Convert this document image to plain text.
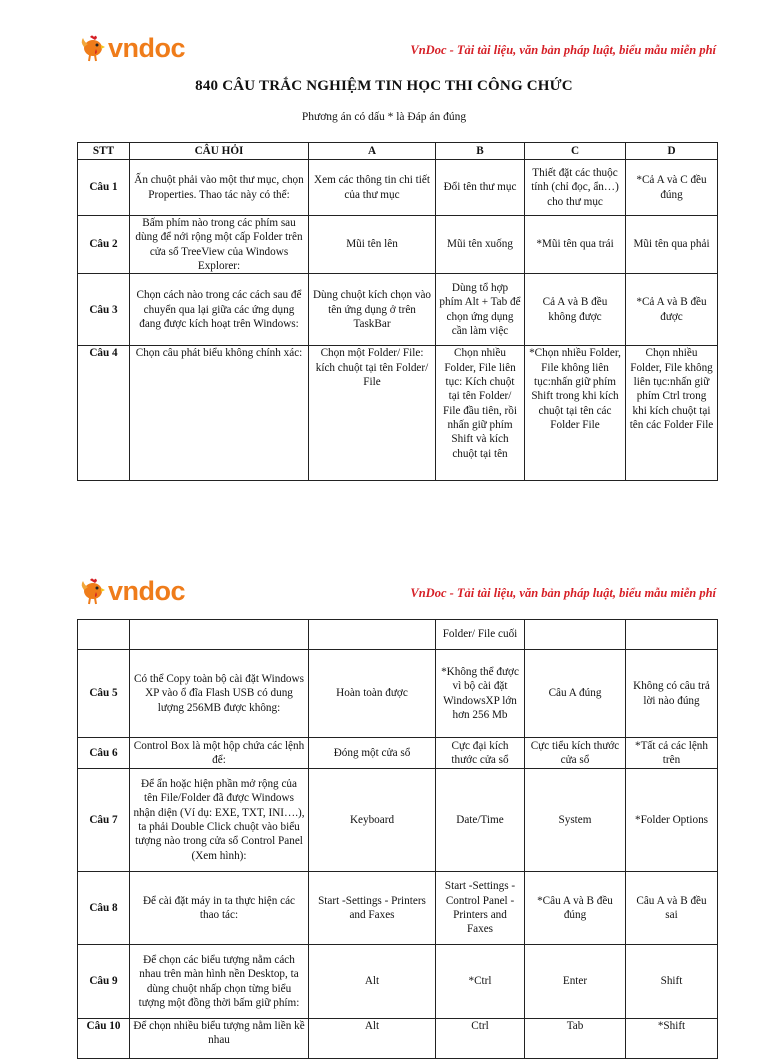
vndoc	VnDoc - Tải tài liệu, văn bản pháp luật, biểu mẫu miễn phí
840 CÂU TRẮC NGHIỆM TIN HỌC THI CÔNG CHỨC
Phương án có dấu * là Đáp án đúng
STT	CÂU HỎI	A	B	C	D
Câu 1	Ấn chuột phải vào một thư mục, chọn Properties. Thao tác này có thể:	Xem các thông tin chi tiết của thư mục	Đổi tên thư mục	Thiết đặt các thuộc tính (chỉ đọc, ẩn…) cho thư mục	*Cả A và C đều đúng
Câu 2	Bấm phím nào trong các phím sau dùng để nới rộng một cấp Folder trên cửa sổ TreeView của Windows Explorer:	Mũi tên lên	Mũi tên xuống	*Mũi tên qua trái	Mũi tên qua phải
Câu 3	Chọn cách nào trong các cách sau để chuyển qua lại giữa các ứng dụng đang được kích hoạt trên Windows:	Dùng chuột kích chọn vào tên ứng dụng ở trên TaskBar	Dùng tổ hợp phím Alt + Tab để chọn ứng dụng cần làm việc	Cả A và B đều không được	*Cả A và B đều được
Câu 4	Chọn câu phát biểu không chính xác:	Chọn một Folder/ File: kích chuột tại tên Folder/ File	Chọn nhiều Folder, File liên tục: Kích chuột tại tên Folder/ File đầu tiên, rồi nhấn giữ phím Shift và kích chuột tại tên	*Chọn nhiều Folder, File không liên tục:nhấn giữ phím Shift trong khi kích chuột tại tên các Folder File	Chọn nhiều Folder, File không liên tục:nhấn giữ phím Ctrl trong khi kích chuột tại tên các Folder File
vndoc	VnDoc - Tải tài liệu, văn bản pháp luật, biểu mẫu miễn phí
			Folder/ File cuối		
Câu 5	Có thể Copy toàn bộ cài đặt Windows XP vào ổ đĩa Flash USB có dung lượng 256MB được không:	Hoàn toàn được	*Không thể được vì bộ cài đặt WindowsXP lớn hơn 256 Mb	Câu A đúng	Không có câu trả lời nào đúng
Câu 6	Control Box là một hộp chứa các lệnh để:	Đóng một cửa sổ	Cực đại kích thước cửa sổ	Cực tiểu kích thước cửa sổ	*Tất cả các lệnh trên
Câu 7	Để ẩn hoặc hiện phần mở rộng của tên File/Folder đã được Windows nhận diện (Ví dụ: EXE, TXT, INI….), ta phải Double Click chuột vào biểu tượng nào trong cửa sổ Control Panel (Xem hình):	Keyboard	Date/Time	System	*Folder Options
Câu 8	Để cài đặt máy in ta thực hiện các thao tác:	Start -Settings - Printers and Faxes	Start -Settings - Control Panel - Printers and Faxes	*Câu A và B đều đúng	Câu A và B đều sai
Câu 9	Để chọn các biểu tượng nằm cách nhau trên màn hình nền Desktop, ta dùng chuột nhấp chọn từng biểu tượng một đồng thời bấm giữ phím:	Alt	*Ctrl	Enter	Shift
Câu 10	Để chọn nhiều biểu tượng nằm liền kề nhau	Alt	Ctrl	Tab	*Shift
